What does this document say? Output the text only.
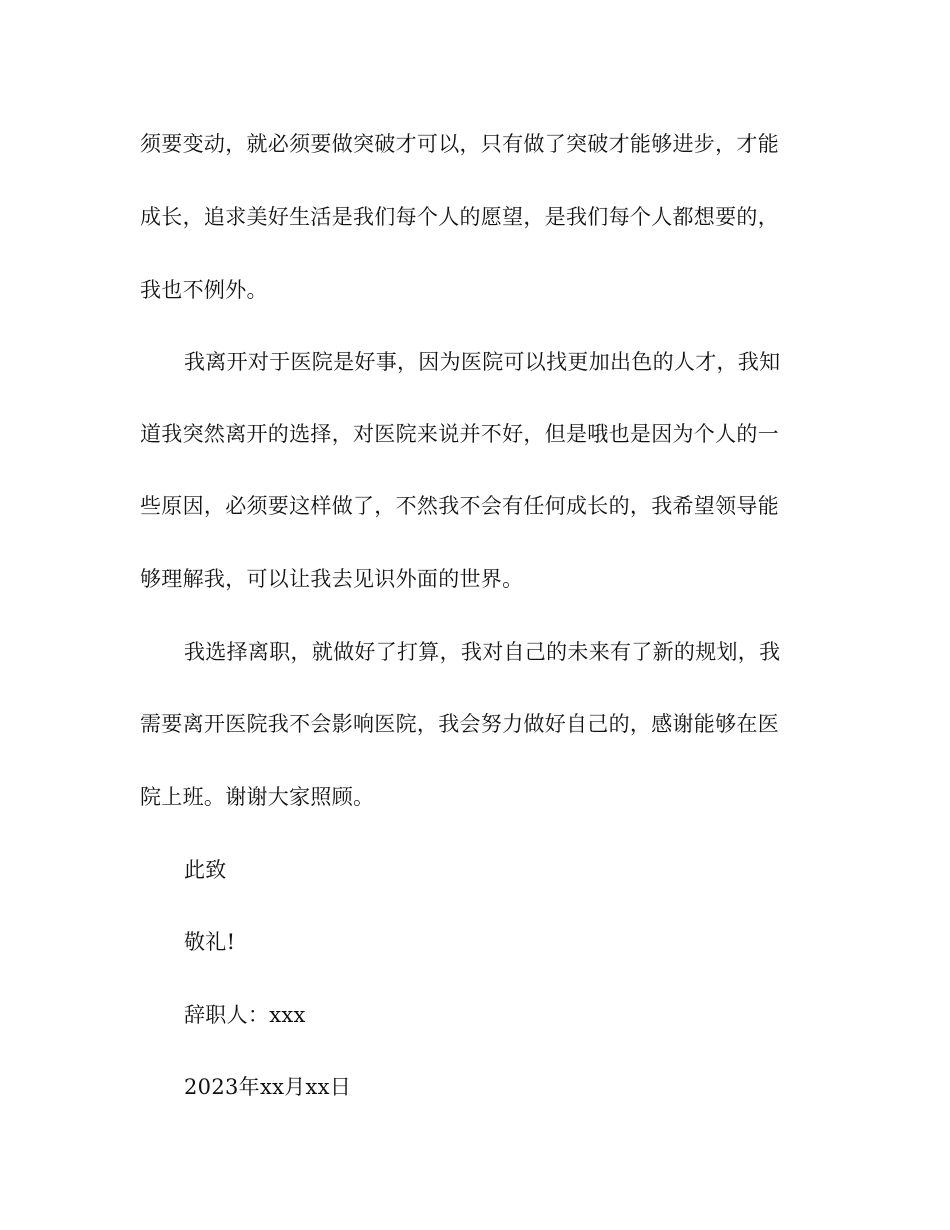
须要变动，就必须要做突破才可以，只有做了突破才能够进步，才能
成长，追求美好生活是我们每个人的愿望，是我们每个人都想要的，
我也不例外。
我离开对于医院是好事，因为医院可以找更加出色的人才，我知
道我突然离开的选择，对医院来说并不好，但是哦也是因为个人的一
些原因，必须要这样做了，不然我不会有任何成长的，我希望领导能
够理解我，可以让我去见识外面的世界。
我选择离职，就做好了打算，我对自己的未来有了新的规划，我
需要离开医院我不会影响医院，我会努力做好自己的，感谢能够在医
院上班。谢谢大家照顾。
此致
敬礼!
辞职人：xxx
2023年xx月xx日
